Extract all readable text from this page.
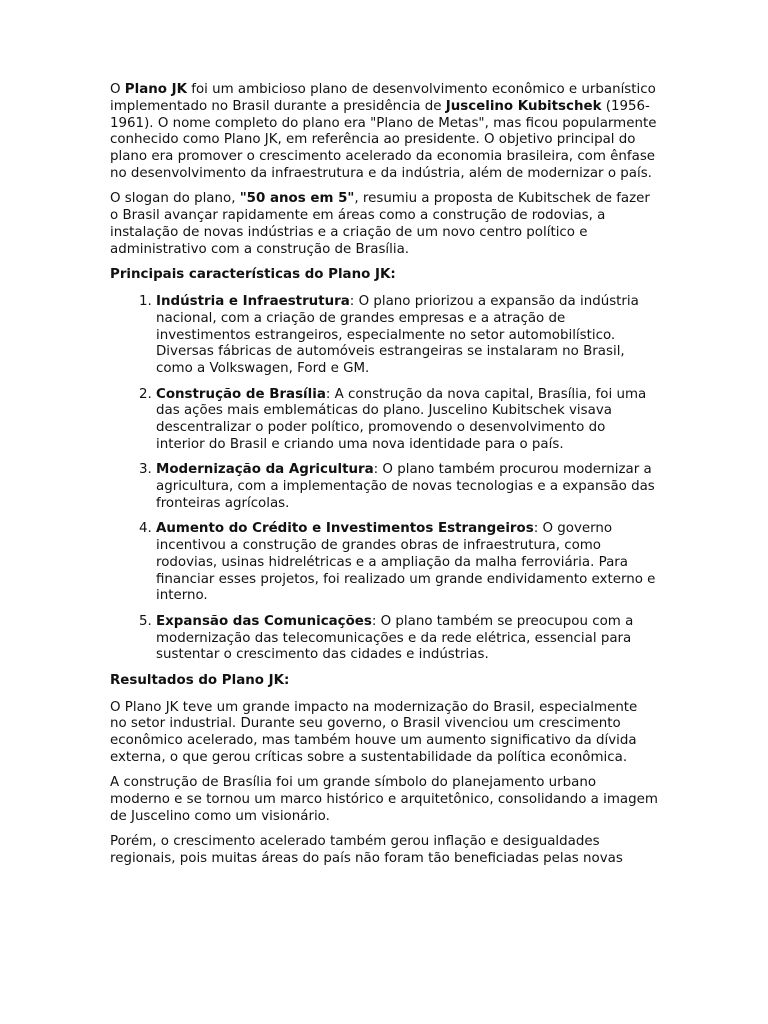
O Plano JK foi um ambicioso plano de desenvolvimento econômico e urbanístico implementado no Brasil durante a presidência de Juscelino Kubitschek (1956-1961). O nome completo do plano era "Plano de Metas", mas ficou popularmente conhecido como Plano JK, em referência ao presidente. O objetivo principal do plano era promover o crescimento acelerado da economia brasileira, com ênfase no desenvolvimento da infraestrutura e da indústria, além de modernizar o país.

O slogan do plano, "50 anos em 5", resumiu a proposta de Kubitschek de fazer o Brasil avançar rapidamente em áreas como a construção de rodovias, a instalação de novas indústrias e a criação de um novo centro político e administrativo com a construção de Brasília.

Principais características do Plano JK:

1. Indústria e Infraestrutura: O plano priorizou a expansão da indústria nacional, com a criação de grandes empresas e a atração de investimentos estrangeiros, especialmente no setor automobilístico. Diversas fábricas de automóveis estrangeiras se instalaram no Brasil, como a Volkswagen, Ford e GM.
2. Construção de Brasília: A construção da nova capital, Brasília, foi uma das ações mais emblemáticas do plano. Juscelino Kubitschek visava descentralizar o poder político, promovendo o desenvolvimento do interior do Brasil e criando uma nova identidade para o país.
3. Modernização da Agricultura: O plano também procurou modernizar a agricultura, com a implementação de novas tecnologias e a expansão das fronteiras agrícolas.
4. Aumento do Crédito e Investimentos Estrangeiros: O governo incentivou a construção de grandes obras de infraestrutura, como rodovias, usinas hidrelétricas e a ampliação da malha ferroviária. Para financiar esses projetos, foi realizado um grande endividamento externo e interno.
5. Expansão das Comunicações: O plano também se preocupou com a modernização das telecomunicações e da rede elétrica, essencial para sustentar o crescimento das cidades e indústrias.

Resultados do Plano JK:

O Plano JK teve um grande impacto na modernização do Brasil, especialmente no setor industrial. Durante seu governo, o Brasil vivenciou um crescimento econômico acelerado, mas também houve um aumento significativo da dívida externa, o que gerou críticas sobre a sustentabilidade da política econômica.

A construção de Brasília foi um grande símbolo do planejamento urbano moderno e se tornou um marco histórico e arquitetônico, consolidando a imagem de Juscelino como um visionário.

Porém, o crescimento acelerado também gerou inflação e desigualdades regionais, pois muitas áreas do país não foram tão beneficiadas pelas novas
